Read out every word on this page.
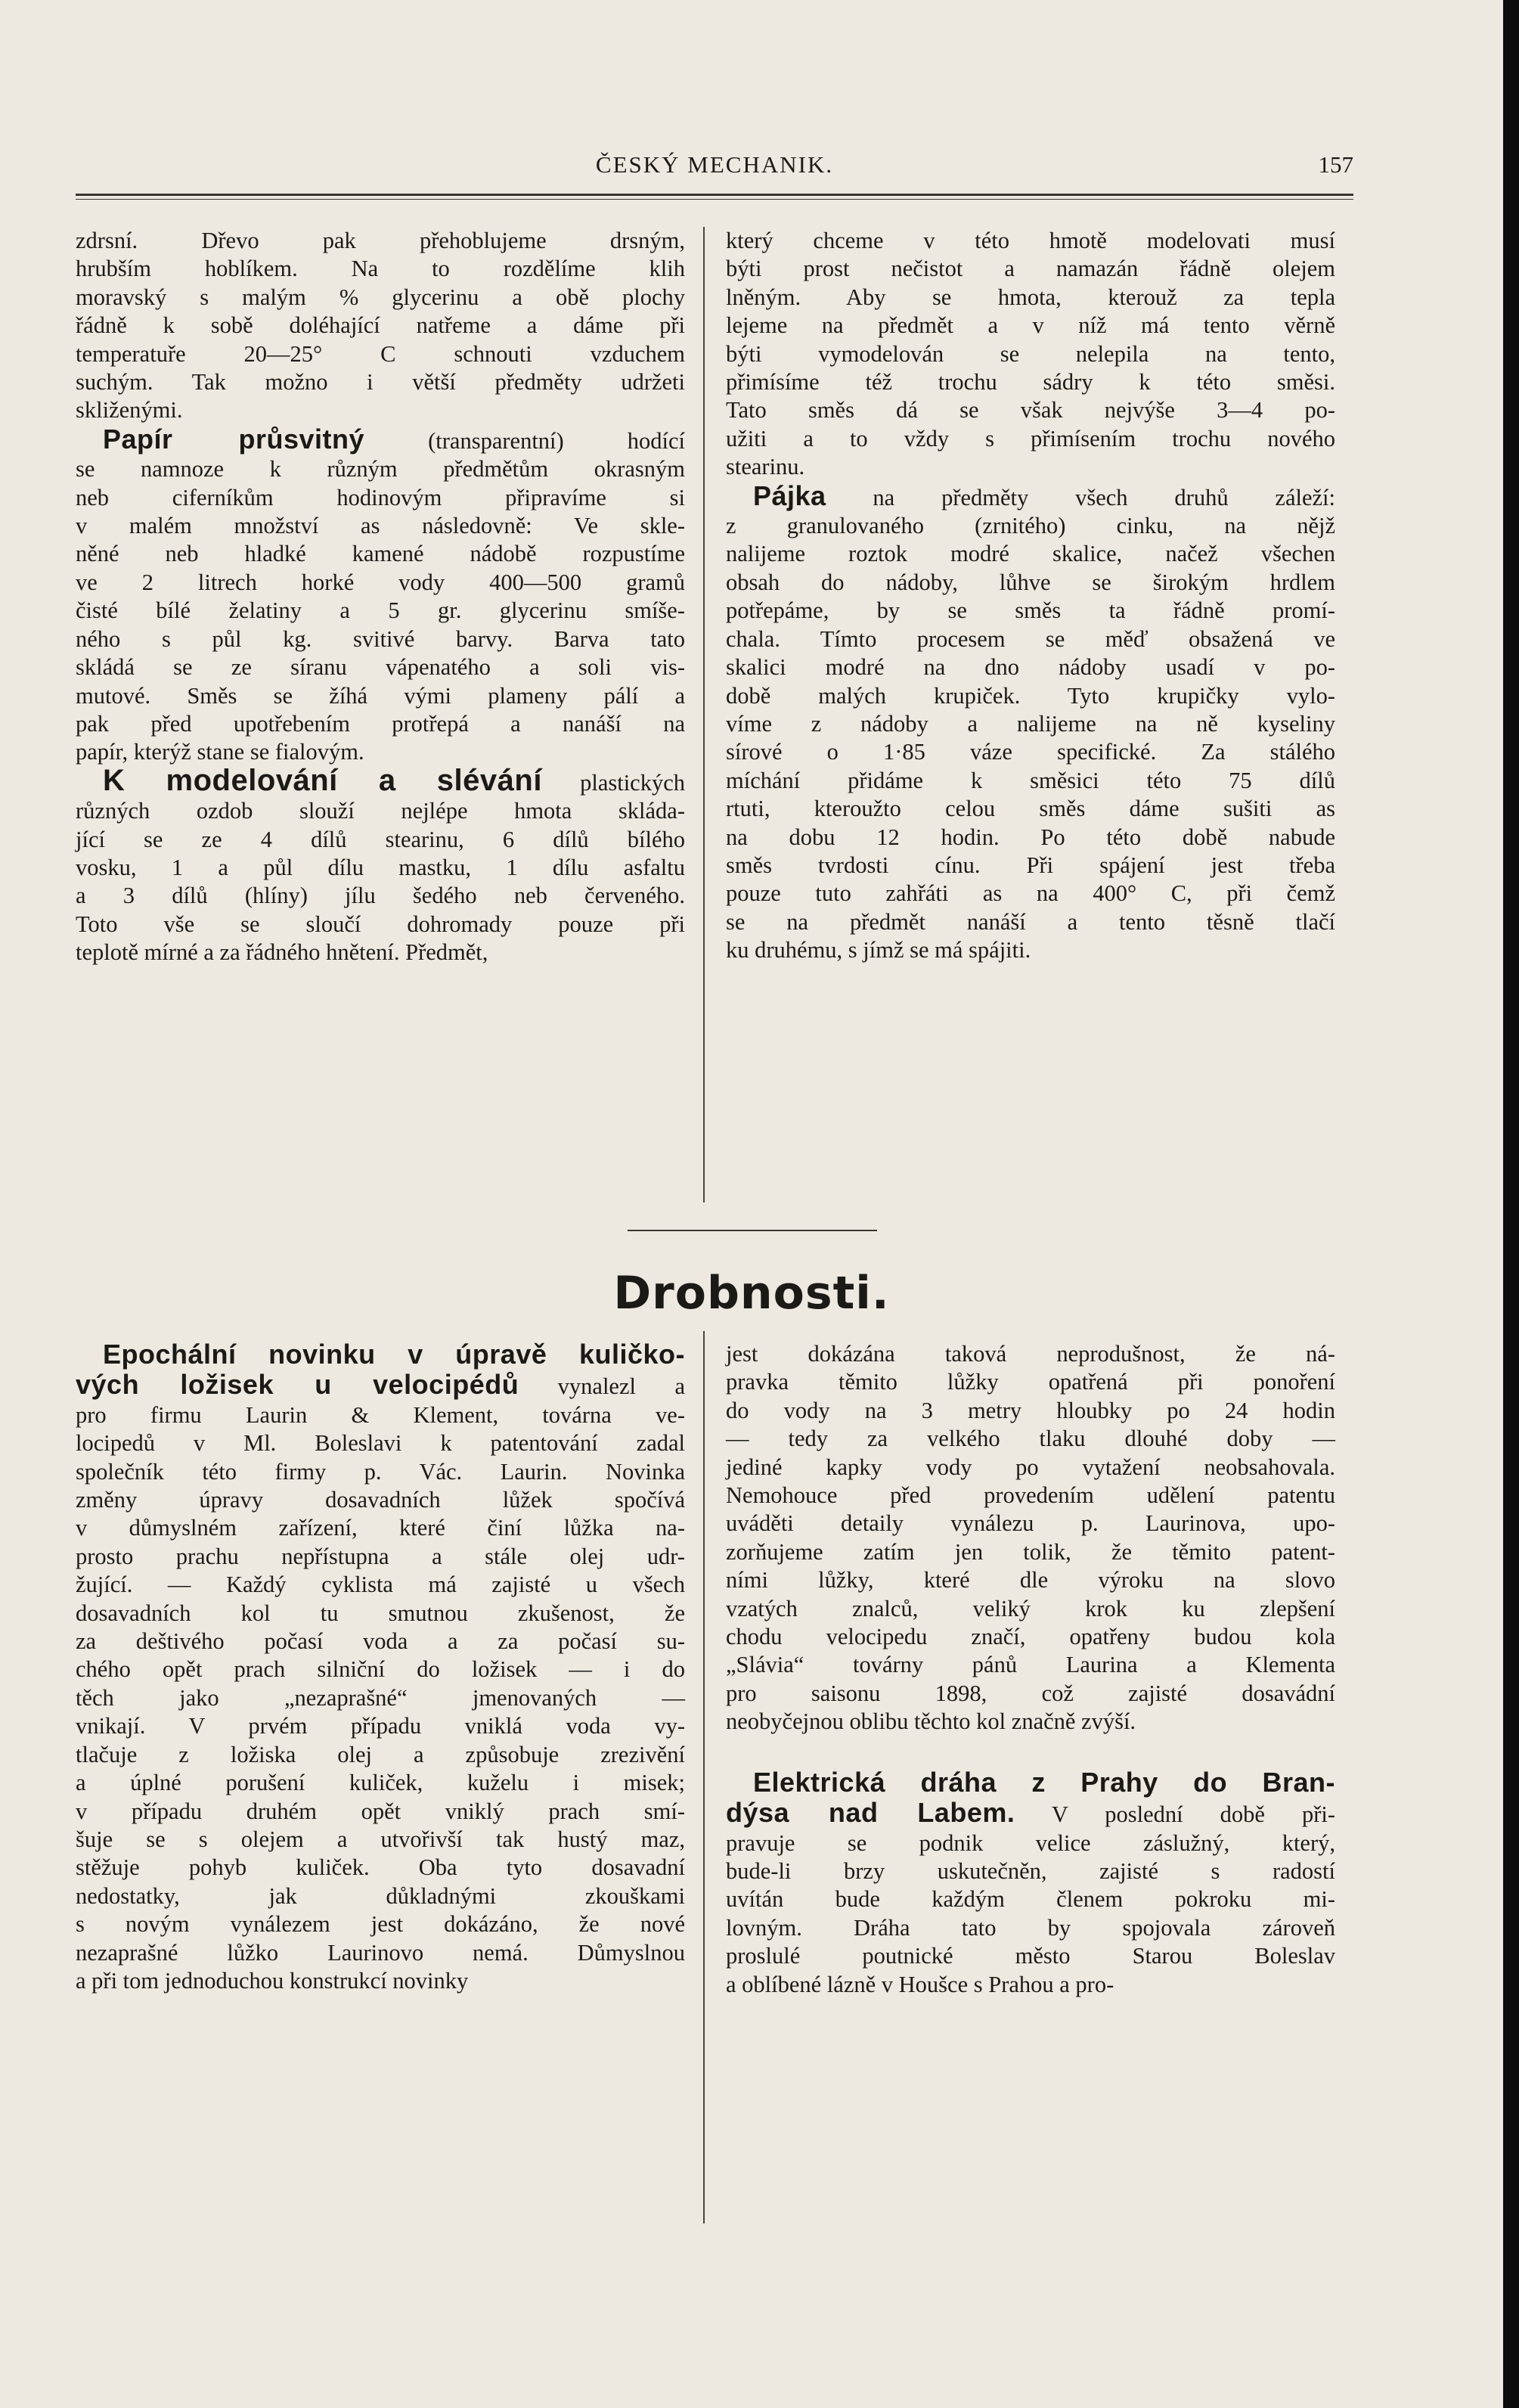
ČESKÝ MECHANIK.	157
zdrsní. Dřevo pak přehoblujeme drsným,
hrubším hoblíkem. Na to rozdělíme klih
moravský s malým % glycerinu a obě plochy
řádně k sobě doléhající natřeme a dáme při
temperatuře 20—25° C schnouti vzduchem
suchým. Tak možno i větší předměty udržeti
skliženými.
Papír průsvitný (transparentní) hodící
se namnoze k různým předmětům okrasným
neb ciferníkům hodinovým připravíme si
v malém množství as následovně: Ve skle-
něné neb hladké kamené nádobě rozpustíme
ve 2 litrech horké vody 400—500 gramů
čisté bílé želatiny a 5 gr. glycerinu smíše-
ného s půl kg. svitivé barvy. Barva tato
skládá se ze síranu vápenatého a soli vis-
mutové. Směs se žíhá vými plameny pálí a
pak před upotřebením protřepá a nanáší na
papír, kterýž stane se fialovým.
K modelování a slévání plastických
různých ozdob slouží nejlépe hmota skláda-
jící se ze 4 dílů stearinu, 6 dílů bílého
vosku, 1 a půl dílu mastku, 1 dílu asfaltu
a 3 dílů (hlíny) jílu šedého neb červeného.
Toto vše se sloučí dohromady pouze při
teplotě mírné a za řádného hnětení. Předmět,
který chceme v této hmotě modelovati musí
býti prost nečistot a namazán řádně olejem
lněným. Aby se hmota, kterouž za tepla
lejeme na předmět a v níž má tento věrně
býti vymodelován se nelepila na tento,
přimísíme též trochu sádry k této směsi.
Tato směs dá se však nejvýše 3—4 po-
užiti a to vždy s přimísením trochu nového
stearinu.
Pájka na předměty všech druhů záleží:
z granulovaného (zrnitého) cinku, na nějž
nalijeme roztok modré skalice, načež všechen
obsah do nádoby, lůhve se širokým hrdlem
potřepáme, by se směs ta řádně promí-
chala. Tímto procesem se měď obsažená ve
skalici modré na dno nádoby usadí v po-
době malých krupiček. Tyto krupičky vylo-
víme z nádoby a nalijeme na ně kyseliny
sírové o 1·85 váze specifické. Za stálého
míchání přidáme k směsici této 75 dílů
rtuti, kteroužto celou směs dáme sušiti as
na dobu 12 hodin. Po této době nabude
směs tvrdosti cínu. Při spájení jest třeba
pouze tuto zahřáti as na 400° C, při čemž
se na předmět nanáší a tento těsně tlačí
ku druhému, s jímž se má spájiti.
Drobnosti.
Epochální novinku v úpravě kuličko-
vých ložisek u velocipédů vynalezl a
pro firmu Laurin & Klement, továrna ve-
locipedů v Ml. Boleslavi k patentování zadal
společník této firmy p. Vác. Laurin. Novinka
změny úpravy dosavadních lůžek spočívá
v důmyslném zařízení, které činí lůžka na-
prosto prachu nepřístupna a stále olej udr-
žující. — Každý cyklista má zajisté u všech
dosavadních kol tu smutnou zkušenost, že
za deštivého počasí voda a za počasí su-
chého opět prach silniční do ložisek — i do
těch jako „nezaprašné“ jmenovaných —
vnikají. V prvém případu vniklá voda vy-
tlačuje z ložiska olej a způsobuje zrezivění
a úplné porušení kuliček, kuželu i misek;
v případu druhém opět vniklý prach smí-
šuje se s olejem a utvořivší tak hustý maz,
stěžuje pohyb kuliček. Oba tyto dosavadní
nedostatky, jak důkladnými zkouškami
s novým vynálezem jest dokázáno, že nové
nezaprašné lůžko Laurinovo nemá. Důmyslnou
a při tom jednoduchou konstrukcí novinky
jest dokázána taková neprodušnost, že ná-
pravka těmito lůžky opatřená při ponoření
do vody na 3 metry hloubky po 24 hodin
— tedy za velkého tlaku dlouhé doby —
jediné kapky vody po vytažení neobsahovala.
Nemohouce před provedením udělení patentu
uváděti detaily vynálezu p. Laurinova, upo-
zorňujeme zatím jen tolik, že těmito patent-
ními lůžky, které dle výroku na slovo
vzatých znalců, veliký krok ku zlepšení
chodu velocipedu značí, opatřeny budou kola
„Slávia“ továrny pánů Laurina a Klementa
pro saisonu 1898, což zajisté dosavádní
neobyčejnou oblibu těchto kol značně zvýší.
Elektrická dráha z Prahy do Bran-
dýsa nad Labem. V poslední době při-
pravuje se podnik velice záslužný, který,
bude-li brzy uskutečněn, zajisté s radostí
uvítán bude každým členem pokroku mi-
lovným. Dráha tato by spojovala zároveň
proslulé poutnické město Starou Boleslav
a oblíbené lázně v Houšce s Prahou a pro-
